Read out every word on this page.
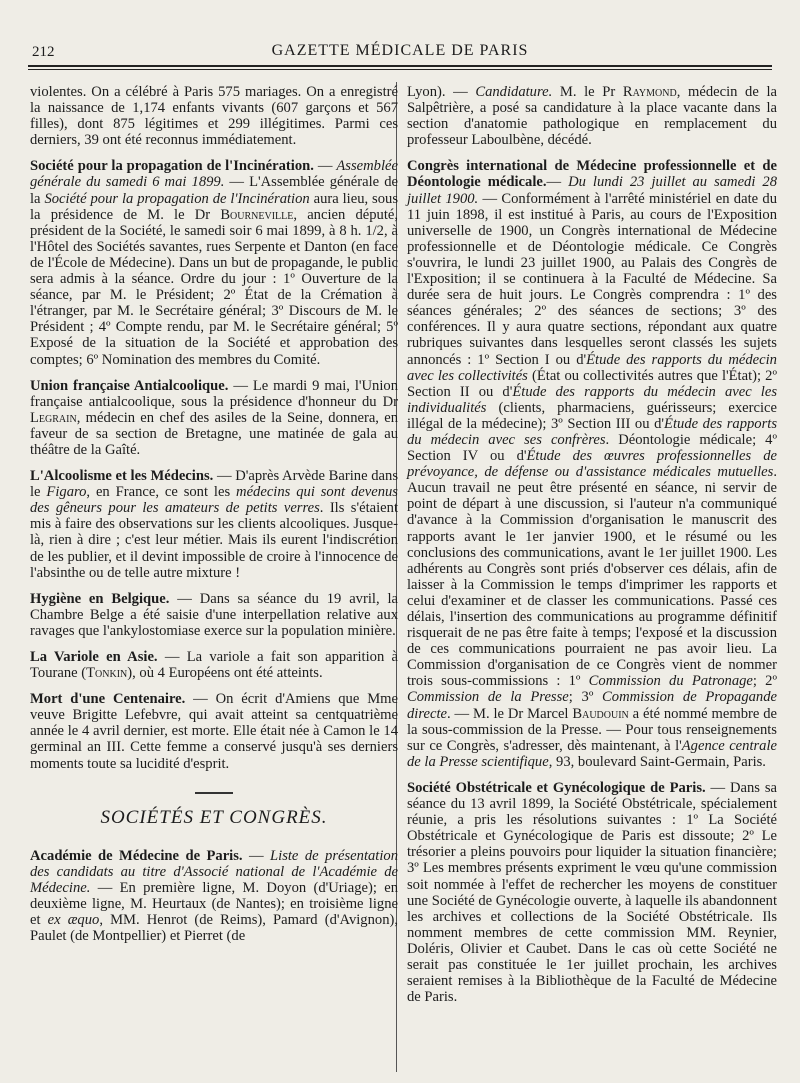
212	GAZETTE MÉDICALE DE PARIS

violentes. On a célébré à Paris 575 mariages. On a enregistré la naissance de 1,174 enfants vivants (607 garçons et 567 filles), dont 875 légitimes et 299 illégitimes. Parmi ces derniers, 39 ont été reconnus immédiatement.

Société pour la propagation de l'Incinération. — Assemblée générale du samedi 6 mai 1899. — L'Assemblée générale de la Société pour la propagation de l'Incinération aura lieu, sous la présidence de M. le Dr Bourneville, ancien député, président de la Société, le samedi soir 6 mai 1899, à 8 h. 1/2, à l'Hôtel des Sociétés savantes, rues Serpente et Danton (en face de l'École de Médecine). Dans un but de propagande, le public sera admis à la séance. Ordre du jour : 1º Ouverture de la séance, par M. le Président; 2º État de la Crémation à l'étranger, par M. le Secrétaire général; 3º Discours de M. le Président ; 4º Compte rendu, par M. le Secrétaire général; 5º Exposé de la situation de la Société et approbation des comptes; 6º Nomination des membres du Comité.

Union française Antialcoolique. — Le mardi 9 mai, l'Union française antialcoolique, sous la présidence d'honneur du Dr Legrain, médecin en chef des asiles de la Seine, donnera, en faveur de sa section de Bretagne, une matinée de gala au théâtre de la Gaîté.

L'Alcoolisme et les Médecins. — D'après Arvède Barine dans le Figaro, en France, ce sont les médecins qui sont devenus des gêneurs pour les amateurs de petits verres. Ils s'étaient mis à faire des observations sur les clients alcooliques. Jusque-là, rien à dire ; c'est leur métier. Mais ils eurent l'indiscrétion de les publier, et il devint impossible de croire à l'innocence de l'absinthe ou de telle autre mixture !

Hygiène en Belgique. — Dans sa séance du 19 avril, la Chambre Belge a été saisie d'une interpellation relative aux ravages que l'ankylostomiase exerce sur la population minière.

La Variole en Asie. — La variole a fait son apparition à Tourane (Tonkin), où 4 Européens ont été atteints.

Mort d'une Centenaire. — On écrit d'Amiens que Mme veuve Brigitte Lefebvre, qui avait atteint sa centquatrième année le 4 avril dernier, est morte. Elle était née à Camon le 14 germinal an III. Cette femme a conservé jusqu'à ses derniers moments toute sa lucidité d'esprit.

SOCIÉTÉS ET CONGRÈS.

Académie de Médecine de Paris. — Liste de présentation des candidats au titre d'Associé national de l'Académie de Médecine. — En première ligne, M. Doyon (d'Uriage); en deuxième ligne, M. Heurtaux (de Nantes); en troisième ligne et ex æquo, MM. Henrot (de Reims), Pamard (d'Avignon), Paulet (de Montpellier) et Pierret (de

Lyon). — Candidature. M. le Pr Raymond, médecin de la Salpêtrière, a posé sa candidature à la place vacante dans la section d'anatomie pathologique en remplacement du professeur Laboulbène, décédé.

Congrès international de Médecine professionnelle et de Déontologie médicale.— Du lundi 23 juillet au samedi 28 juillet 1900. — Conformément à l'arrêté ministériel en date du 11 juin 1898, il est institué à Paris, au cours de l'Exposition universelle de 1900, un Congrès international de Médecine professionnelle et de Déontologie médicale. Ce Congrès s'ouvrira, le lundi 23 juillet 1900, au Palais des Congrès de l'Exposition; il se continuera à la Faculté de Médecine. Sa durée sera de huit jours. Le Congrès comprendra : 1º des séances générales; 2º des séances de sections; 3º des conférences. Il y aura quatre sections, répondant aux quatre rubriques suivantes dans lesquelles seront classés les sujets annoncés : 1º Section I ou d'Étude des rapports du médecin avec les collectivités (État ou collectivités autres que l'État); 2º Section II ou d'Étude des rapports du médecin avec les individualités (clients, pharmaciens, guérisseurs; exercice illégal de la médecine); 3º Section III ou d'Étude des rapports du médecin avec ses confrères. Déontologie médicale; 4º Section IV ou d'Étude des œuvres professionnelles de prévoyance, de défense ou d'assistance médicales mutuelles. Aucun travail ne peut être présenté en séance, ni servir de point de départ à une discussion, si l'auteur n'a communiqué d'avance à la Commission d'organisation le manuscrit des rapports avant le 1er janvier 1900, et le résumé ou les conclusions des communications, avant le 1er juillet 1900. Les adhérents au Congrès sont priés d'observer ces délais, afin de laisser à la Commission le temps d'imprimer les rapports et celui d'examiner et de classer les communications. Passé ces délais, l'insertion des communications au programme définitif risquerait de ne pas être faite à temps; l'exposé et la discussion de ces communications pourraient ne pas avoir lieu. La Commission d'organisation de ce Congrès vient de nommer trois sous-commissions : 1º Commission du Patronage; 2º Commission de la Presse; 3º Commission de Propagande directe. — M. le Dr Marcel Baudouin a été nommé membre de la sous-commission de la Presse. — Pour tous renseignements sur ce Congrès, s'adresser, dès maintenant, à l'Agence centrale de la Presse scientifique, 93, boulevard Saint-Germain, Paris.

Société Obstétricale et Gynécologique de Paris. — Dans sa séance du 13 avril 1899, la Société Obstétricale, spécialement réunie, a pris les résolutions suivantes : 1º La Société Obstétricale et Gynécologique de Paris est dissoute; 2º Le trésorier a pleins pouvoirs pour liquider la situation financière; 3º Les membres présents expriment le vœu qu'une commission soit nommée à l'effet de rechercher les moyens de constituer une Société de Gynécologie ouverte, à laquelle ils abandonnent les archives et collections de la Société Obstétricale. Ils nomment membres de cette commission MM. Reynier, Doléris, Olivier et Caubet. Dans le cas où cette Société ne serait pas constituée le 1er juillet prochain, les archives seraient remises à la Bibliothèque de la Faculté de Médecine de Paris.
